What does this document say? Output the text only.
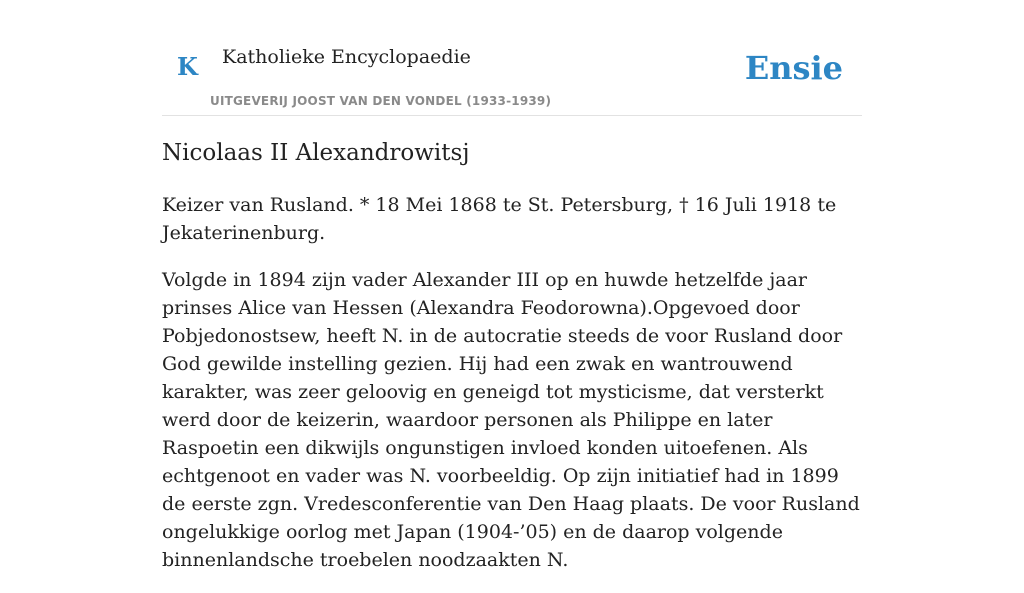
K Katholieke Encyclopaedie
UITGEVERIJ JOOST VAN DEN VONDEL (1933-1939)
Ensie
Nicolaas II Alexandrowitsj

Keizer van Rusland. * 18 Mei 1868 te St. Petersburg, † 16 Juli 1918 te Jekaterinenburg.

Volgde in 1894 zijn vader Alexander III op en huwde hetzelfde jaar prinses Alice van Hessen (Alexandra Feodorowna).Opgevoed door Pobjedonostsew, heeft N. in de autocratie steeds de voor Rusland door God gewilde instelling gezien. Hij had een zwak en wantrouwend karakter, was zeer geloovig en geneigd tot mysticisme, dat versterkt werd door de keizerin, waardoor personen als Philippe en later Raspoetin een dikwijls ongunstigen invloed konden uitoefenen. Als echtgenoot en vader was N. voorbeeldig. Op zijn initiatief had in 1899 de eerste zgn. Vredesconferentie van Den Haag plaats. De voor Rusland ongelukkige oorlog met Japan (1904-’05) en de daarop volgende binnenlandsche troebelen noodzaakten N.
